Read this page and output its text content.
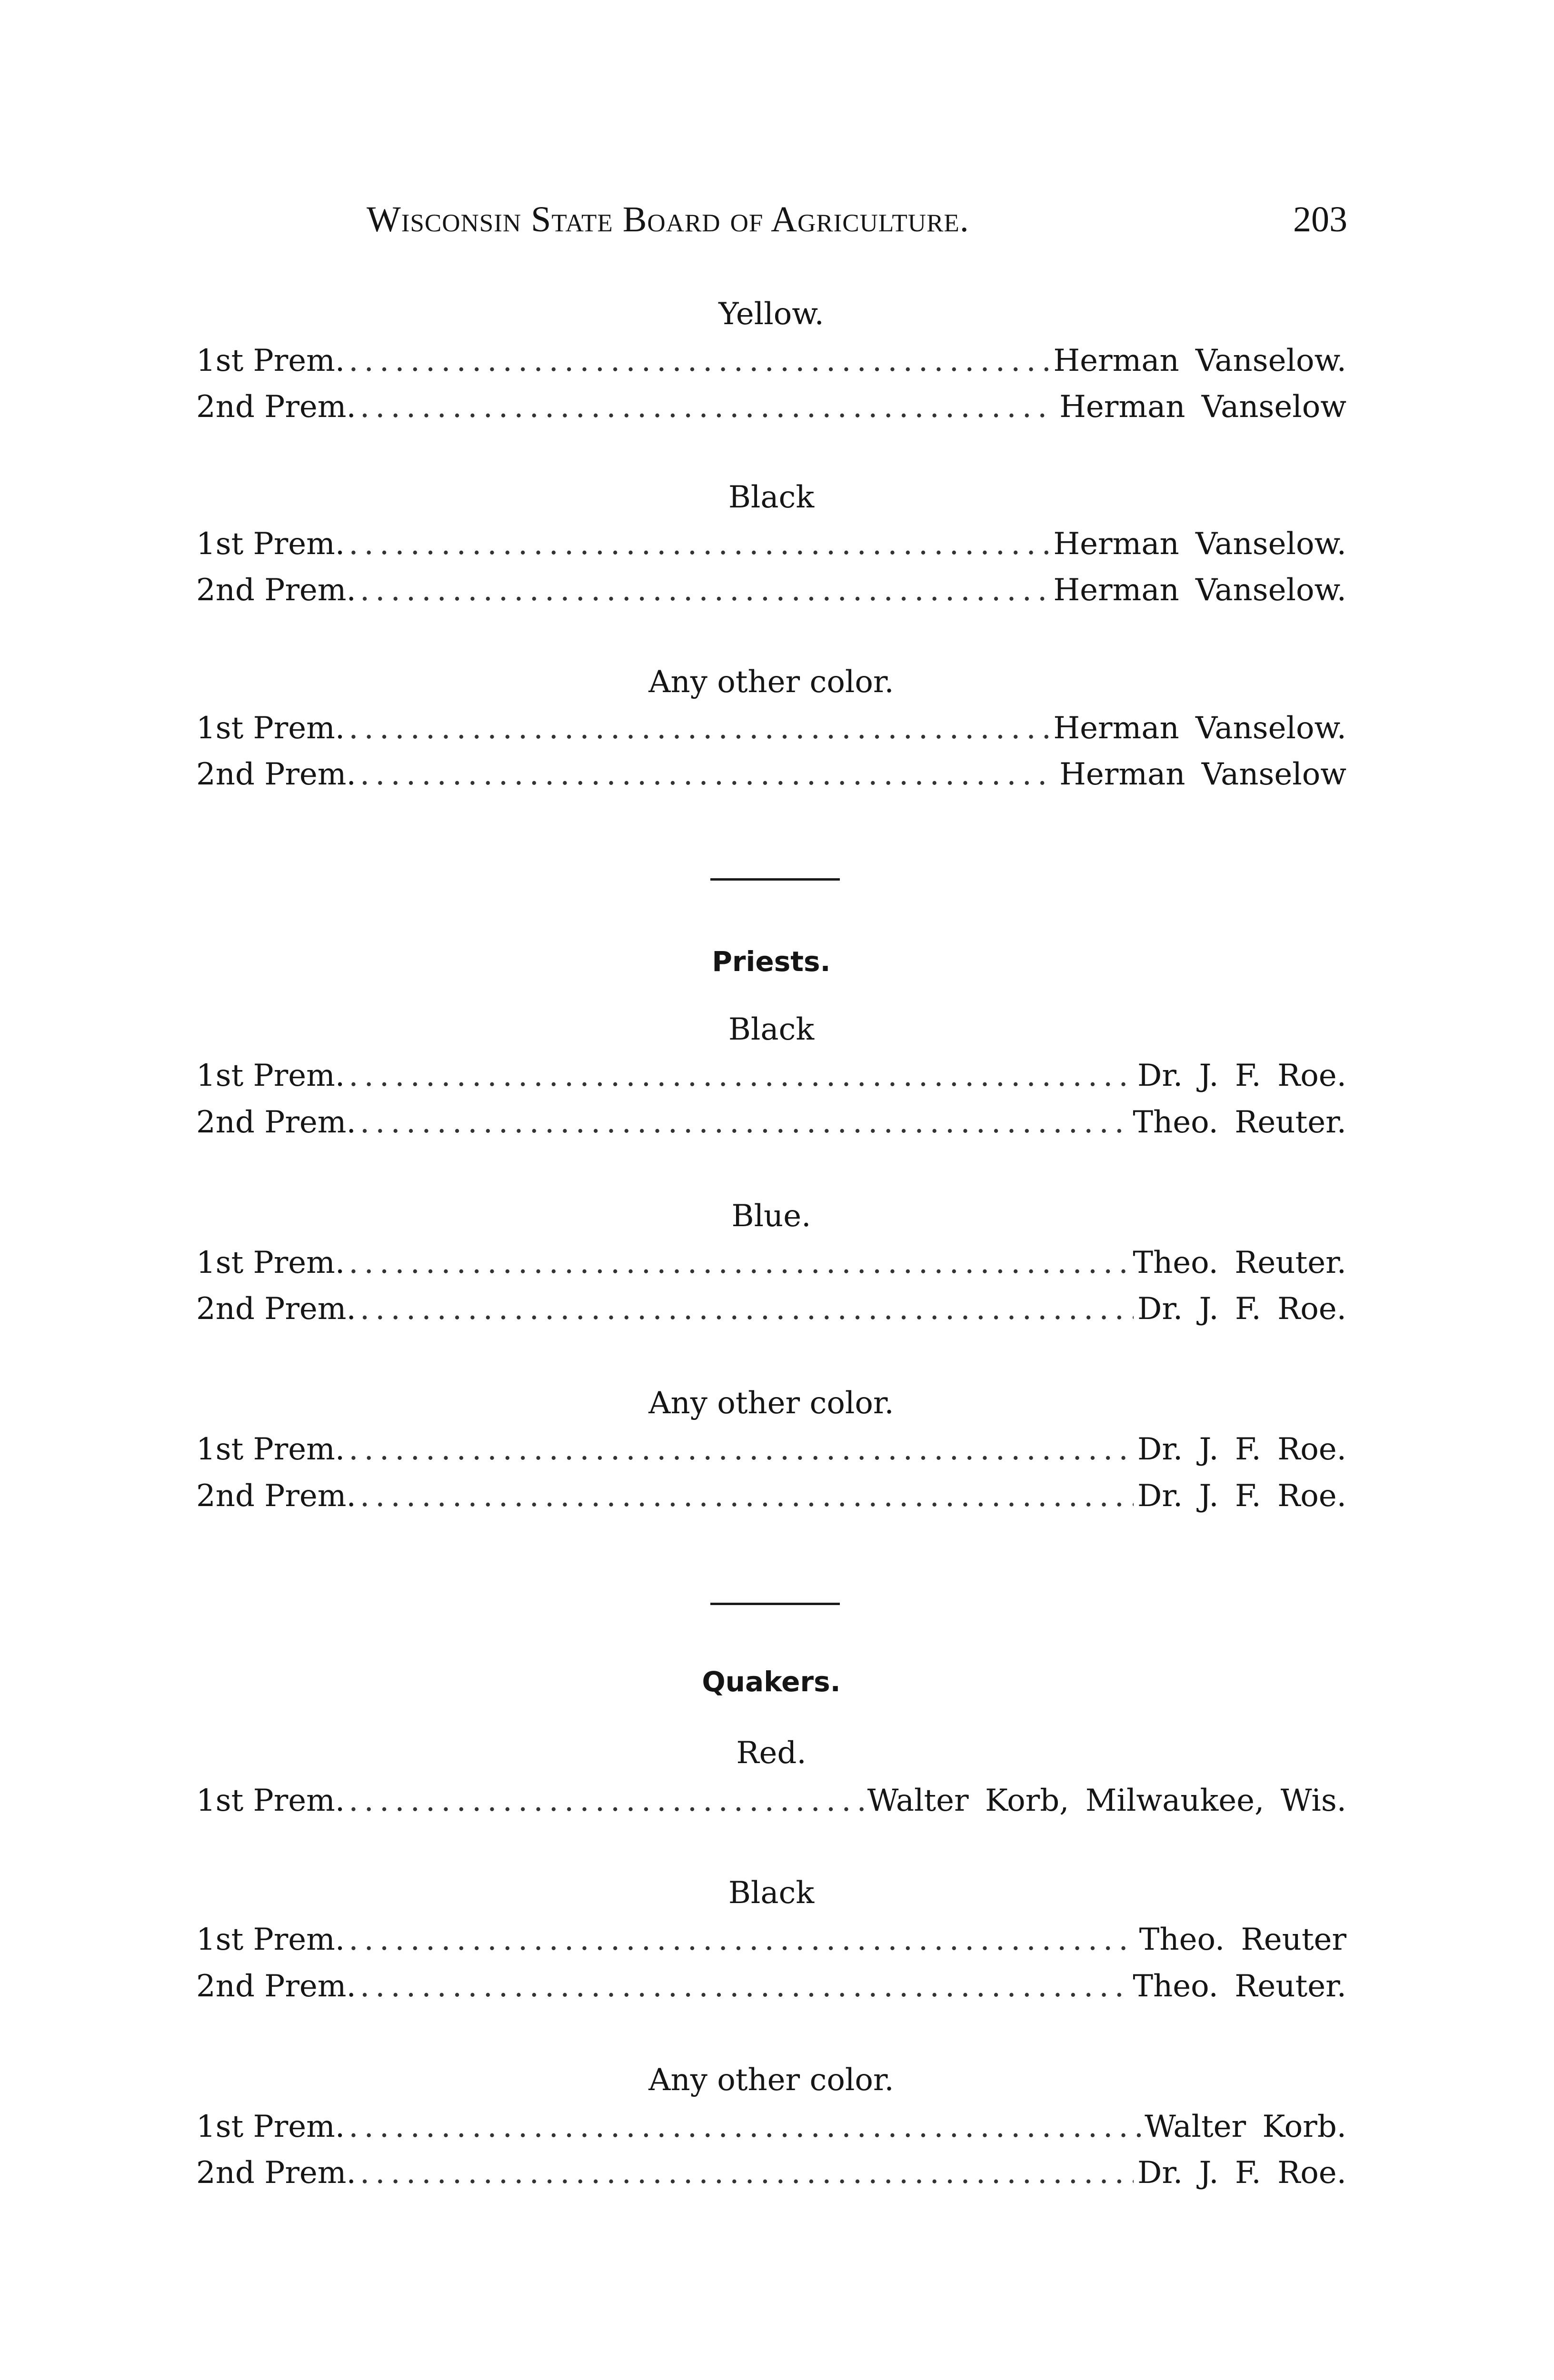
Wisconsin State Board of Agriculture.	203
Yellow.
1st Prem. .....	Herman Vanselow.
2nd Prem. .....	Herman Vanselow
Black
1st Prem. .....	Herman Vanselow.
2nd Prem. .....	Herman Vanselow.
Any other color.
1st Prem. .....	Herman Vanselow.
2nd Prem. .....	Herman Vanselow
Priests.
Black
1st Prem. .....	Dr. J. F. Roe.
2nd Prem. .....	Theo. Reuter.
Blue.
1st Prem. .....	Theo. Reuter.
2nd Prem. .....	Dr. J. F. Roe.
Any other color.
1st Prem. .....	Dr. J. F. Roe.
2nd Prem. .....	Dr. J. F. Roe.
Quakers.
Red.
1st Prem. .....	Walter Korb, Milwaukee, Wis.
Black
1st Prem. .....	Theo. Reuter
2nd Prem. .....	Theo. Reuter.
Any other color.
1st Prem. .....	Walter Korb.
2nd Prem. .....	Dr. J. F. Roe.
